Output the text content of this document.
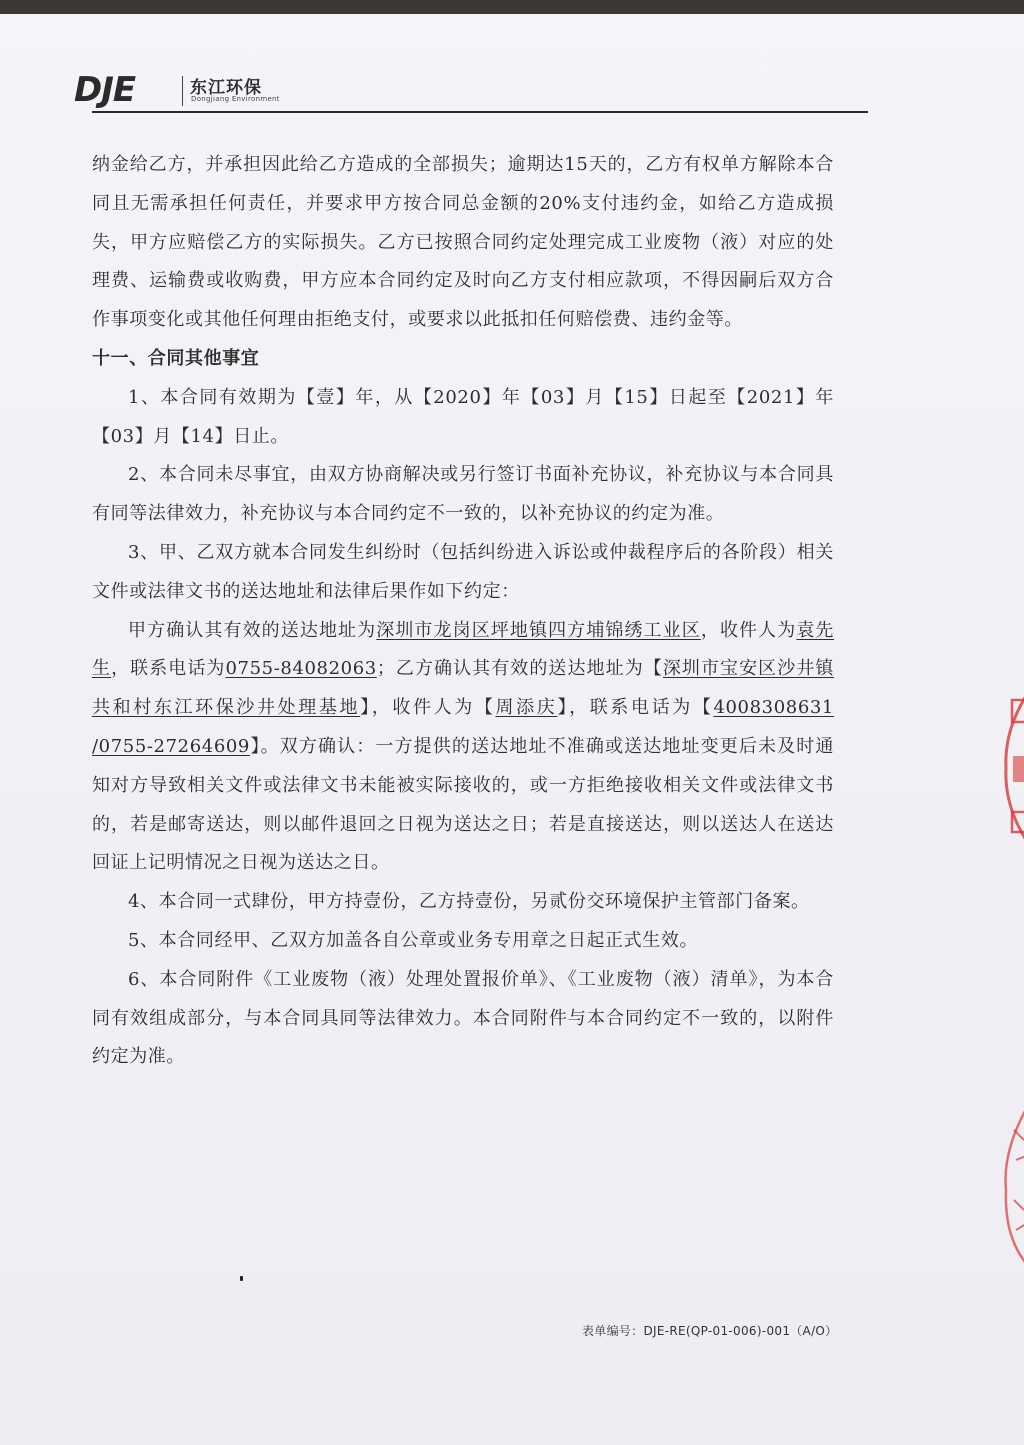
DJE	东江环保
Dongjiang Environment

纳金给乙方，并承担因此给乙方造成的全部损失；逾期达15天的，乙方有权单方解除本合同且无需承担任何责任，并要求甲方按合同总金额的20%支付违约金，如给乙方造成损失，甲方应赔偿乙方的实际损失。乙方已按照合同约定处理完成工业废物（液）对应的处理费、运输费或收购费，甲方应本合同约定及时向乙方支付相应款项，不得因嗣后双方合作事项变化或其他任何理由拒绝支付，或要求以此抵扣任何赔偿费、违约金等。

十一、合同其他事宜

1、本合同有效期为【壹】年，从【2020】年【03】月【15】日起至【2021】年【03】月【14】日止。

2、本合同未尽事宜，由双方协商解决或另行签订书面补充协议，补充协议与本合同具有同等法律效力，补充协议与本合同约定不一致的，以补充协议的约定为准。

3、甲、乙双方就本合同发生纠纷时（包括纠纷进入诉讼或仲裁程序后的各阶段）相关文件或法律文书的送达地址和法律后果作如下约定：

甲方确认其有效的送达地址为深圳市龙岗区坪地镇四方埔锦绣工业区，收件人为袁先生，联系电话为0755-84082063；乙方确认其有效的送达地址为【深圳市宝安区沙井镇共和村东江环保沙井处理基地】，收件人为【周添庆】，联系电话为【4008308631 /0755-27264609】。双方确认：一方提供的送达地址不准确或送达地址变更后未及时通知对方导致相关文件或法律文书未能被实际接收的，或一方拒绝接收相关文件或法律文书的，若是邮寄送达，则以邮件退回之日视为送达之日；若是直接送达，则以送达人在送达回证上记明情况之日视为送达之日。

4、本合同一式肆份，甲方持壹份，乙方持壹份，另贰份交环境保护主管部门备案。

5、本合同经甲、乙双方加盖各自公章或业务专用章之日起正式生效。

6、本合同附件《工业废物（液）处理处置报价单》、《工业废物（液）清单》，为本合同有效组成部分，与本合同具同等法律效力。本合同附件与本合同约定不一致的，以附件约定为准。

表单编号：DJE-RE(QP-01-006)-001（A/O）
